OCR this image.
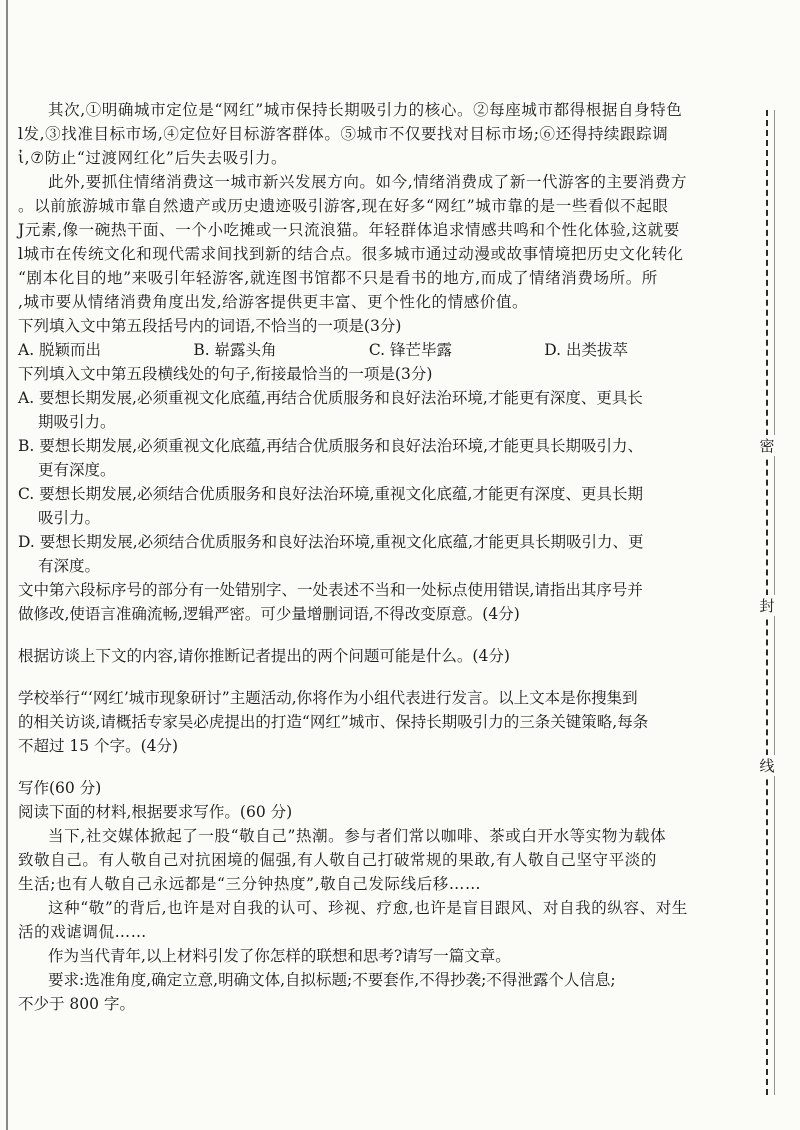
其次,①明确城市定位是“网红”城市保持长期吸引力的核心。②每座城市都得根据自身特色

l发,③找准目标市场,④定位好目标游客群体。⑤城市不仅要找对目标市场;⑥还得持续跟踪调

ἰ,⑦防止“过渡网红化”后失去吸引力。

此外,要抓住情绪消费这一城市新兴发展方向。如今,情绪消费成了新一代游客的主要消费方

。以前旅游城市靠自然遗产或历史遗迹吸引游客,现在好多“网红”城市靠的是一些看似不起眼

J元素,像一碗热干面、一个小吃摊或一只流浪猫。年轻群体追求情感共鸣和个性化体验,这就要

l城市在传统文化和现代需求间找到新的结合点。很多城市通过动漫或故事情境把历史文化转化

“剧本化目的地”来吸引年轻游客,就连图书馆都不只是看书的地方,而成了情绪消费场所。所

,城市要从情绪消费角度出发,给游客提供更丰富、更个性化的情感价值。

下列填入文中第五段括号内的词语,不恰当的一项是(3分)

A. 脱颖而出	B. 崭露头角	C. 锋芒毕露	D. 出类拔萃

下列填入文中第五段横线处的句子,衔接最恰当的一项是(3分)

A. 要想长期发展,必须重视文化底蕴,再结合优质服务和良好法治环境,才能更有深度、更具长

期吸引力。

B. 要想长期发展,必须重视文化底蕴,再结合优质服务和良好法治环境,才能更具长期吸引力、

更有深度。

C. 要想长期发展,必须结合优质服务和良好法治环境,重视文化底蕴,才能更有深度、更具长期

吸引力。

D. 要想长期发展,必须结合优质服务和良好法治环境,重视文化底蕴,才能更具长期吸引力、更

有深度。

文中第六段标序号的部分有一处错别字、一处表述不当和一处标点使用错误,请指出其序号并

做修改,使语言准确流畅,逻辑严密。可少量增删词语,不得改变原意。(4分)

根据访谈上下文的内容,请你推断记者提出的两个问题可能是什么。(4分)

学校举行“‘网红’城市现象研讨”主题活动,你将作为小组代表进行发言。以上文本是你搜集到

的相关访谈,请概括专家吴必虎提出的打造“网红”城市、保持长期吸引力的三条关键策略,每条

不超过 15 个字。(4分)

写作(60 分)

阅读下面的材料,根据要求写作。(60 分)

当下,社交媒体掀起了一股“敬自己”热潮。参与者们常以咖啡、茶或白开水等实物为载体

致敬自己。有人敬自己对抗困境的倔强,有人敬自己打破常规的果敢,有人敬自己坚守平淡的

生活;也有人敬自己永远都是“三分钟热度”,敬自己发际线后移……

这种“敬”的背后,也许是对自我的认可、珍视、疗愈,也许是盲目跟风、对自我的纵容、对生

活的戏谑调侃……

作为当代青年,以上材料引发了你怎样的联想和思考?请写一篇文章。

要求:选准角度,确定立意,明确文体,自拟标题;不要套作,不得抄袭;不得泄露个人信息;

不少于 800 字。

密
封
线
